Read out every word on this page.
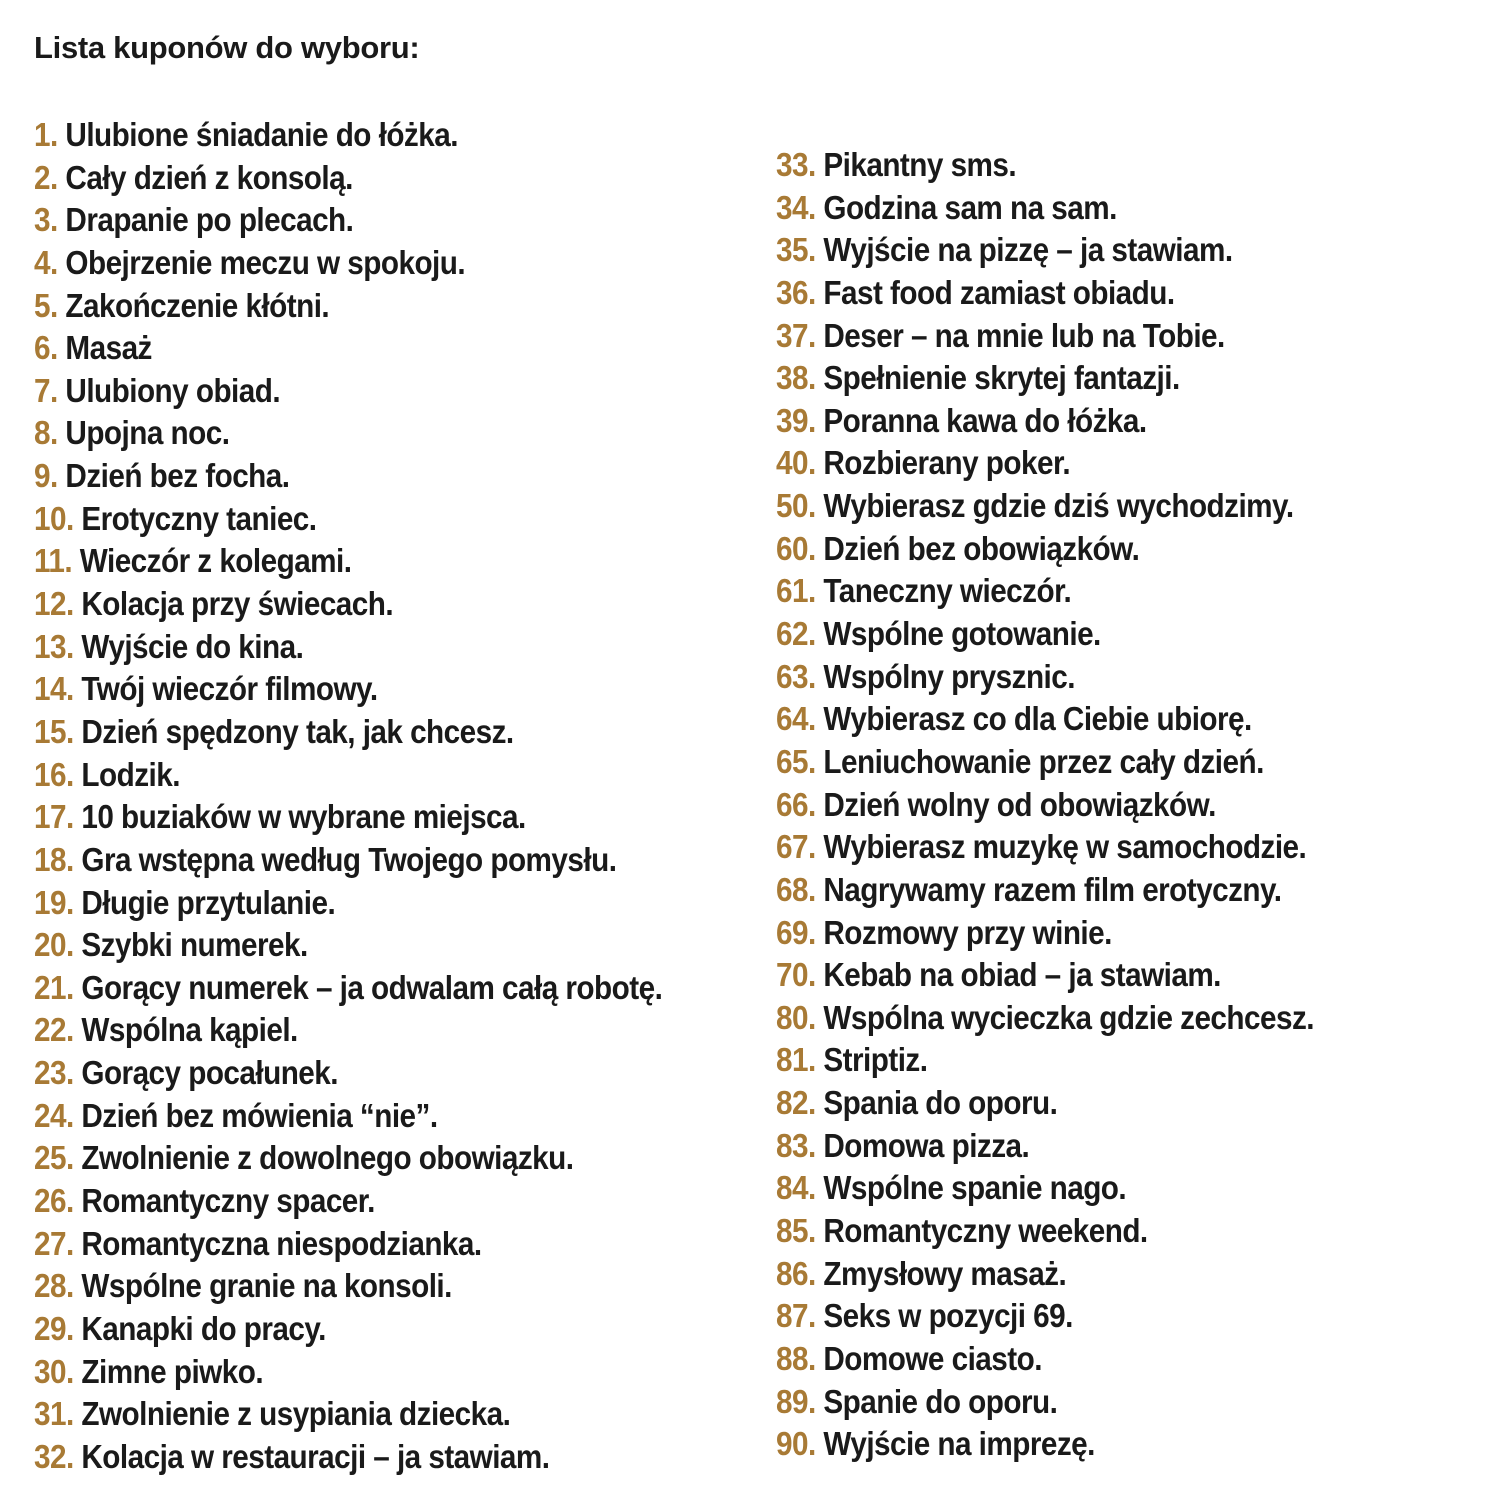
Lista kuponów do wyboru:
1. Ulubione śniadanie do łóżka.
2. Cały dzień z konsolą.
3. Drapanie po plecach.
4. Obejrzenie meczu w spokoju.
5. Zakończenie kłótni.
6. Masaż
7. Ulubiony obiad.
8. Upojna noc.
9. Dzień bez focha.
10. Erotyczny taniec.
11. Wieczór z kolegami.
12. Kolacja przy świecach.
13. Wyjście do kina.
14. Twój wieczór filmowy.
15. Dzień spędzony tak, jak chcesz.
16. Lodzik.
17. 10 buziaków w wybrane miejsca.
18. Gra wstępna według Twojego pomysłu.
19. Długie przytulanie.
20. Szybki numerek.
21. Gorący numerek – ja odwalam całą robotę.
22. Wspólna kąpiel.
23. Gorący pocałunek.
24. Dzień bez mówienia “nie”.
25. Zwolnienie z dowolnego obowiązku.
26. Romantyczny spacer.
27. Romantyczna niespodzianka.
28. Wspólne granie na konsoli.
29. Kanapki do pracy.
30. Zimne piwko.
31. Zwolnienie z usypiania dziecka.
32. Kolacja w restauracji – ja stawiam.
33. Pikantny sms.
34. Godzina sam na sam.
35. Wyjście na pizzę – ja stawiam.
36. Fast food zamiast obiadu.
37. Deser – na mnie lub na Tobie.
38. Spełnienie skrytej fantazji.
39. Poranna kawa do łóżka.
40. Rozbierany poker.
50. Wybierasz gdzie dziś wychodzimy.
60. Dzień bez obowiązków.
61. Taneczny wieczór.
62. Wspólne gotowanie.
63. Wspólny prysznic.
64. Wybierasz co dla Ciebie ubiorę.
65. Leniuchowanie przez cały dzień.
66. Dzień wolny od obowiązków.
67. Wybierasz muzykę w samochodzie.
68. Nagrywamy razem film erotyczny.
69. Rozmowy przy winie.
70. Kebab na obiad – ja stawiam.
80. Wspólna wycieczka gdzie zechcesz.
81. Striptiz.
82. Spania do oporu.
83. Domowa pizza.
84. Wspólne spanie nago.
85. Romantyczny weekend.
86. Zmysłowy masaż.
87. Seks w pozycji 69.
88. Domowe ciasto.
89. Spanie do oporu.
90. Wyjście na imprezę.
